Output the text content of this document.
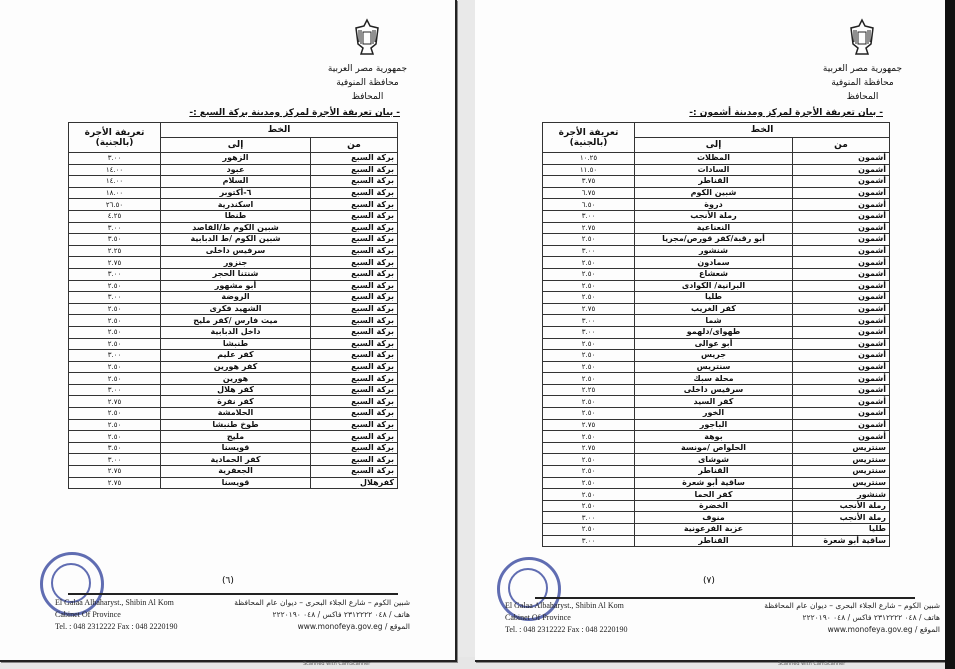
جمهورية مصر العربية
محافظة المنوفية
المحافظ
- بيان تعريفة الأجرة لمركز ومدينة بركة السبع :-
الخط		تعريفة الأجرة (بالجنية)
من	إلى	
بركة السبع	الزهور	٣.٠٠
بركة السبع	عبود	١٤.٠٠
بركة السبع	السلام	١٤.٠٠
بركة السبع	٦-أكتوبر	١٨.٠٠
بركة السبع	اسكندرية	٢٦.٥٠
بركة السبع	طنطا	٤.٢٥
بركة السبع	شبين الكوم ط/القاصد	٣.٠٠
بركة السبع	شبين الكوم /ط الدبابية	٣.٥٠
بركة السبع	سرفيس داخلى	٢.٢٥
بركة السبع	جنزور	٢.٧٥
بركة السبع	شنتنا الحجر	٣.٠٠
بركة السبع	أبو مشهور	٢.٥٠
بركة السبع	الروضة	٣.٠٠
بركة السبع	الشهيد فكرى	٢.٥٠
بركة السبع	ميت فارس /كفر مليح	٢.٥٠
بركة السبع	داخل الدبابية	٢.٥٠
بركة السبع	طنبشا	٢.٥٠
بركة السبع	كفر عليم	٣.٠٠
بركة السبع	كفر هورين	٢.٥٠
بركة السبع	هورين	٢.٥٠
بركة السبع	كفر هلال	٣.٠٠
بركة السبع	كفر نفرة	٢.٧٥
بركة السبع	الحلامشة	٢.٥٠
بركة السبع	طوخ طنبشا	٢.٥٠
بركة السبع	مليج	٢.٥٠
بركة السبع	قويسنا	٣.٥٠
بركة السبع	كفر الحمادية	٣.٠٠
بركة السبع	الجعفرية	٢.٧٥
كفرهلال	قويسنا	٢.٧٥
(٦)
El Galaa Albaharyst., Shibin Al Kom
Cabinet Of Province
Tel. : 048 2312222 Fax : 048 2220190
شبين الكوم – شارع الجلاء البحرى – ديوان عام المحافظة
هاتف / ٠٤٨ ٢٣١٢٢٢٢ فاكس / ٠٤٨ ٢٢٢٠١٩٠
الموقع / www.monofeya.gov.eg
Scanned with CamScanner
جمهورية مصر العربية
محافظة المنوفية
المحافظ
- بيان تعريفة الأجرة لمركز ومدينة أشمون :-
الخط		تعريفة الأجرة (بالجنية)
من	إلى	
أشمون	المظلات	١٠.٢٥
أشمون	السادات	١١.٥٠
أشمون	القناطر	٣.٧٥
أشمون	شبين الكوم	٦.٧٥
أشمون	دروة	٦.٥٠
أشمون	رملة الأنجب	٣.٠٠
أشمون	النعناعية	٢.٧٥
أشمون	أبو رقبة/كفر قورص/مجريا	٢.٥٠
أشمون	شنشور	٣.٠٠
أشمون	سمادون	٢.٥٠
أشمون	شعشاع	٢.٥٠
أشمون	البرانية/ الكوادى	٢.٥٠
أشمون	طليا	٢.٥٠
أشمون	كفر الغريب	٢.٧٥
أشمون	شما	٣.٠٠
أشمون	طهواى/دلهمو	٣.٠٠
أشمون	أبو عوالى	٢.٥٠
أشمون	جريس	٢.٥٠
أشمون	سنتريس	٢.٥٠
أشمون	محلة سبك	٢.٥٠
أشمون	سرفيس داخلى	٢.٢٥
أشمون	كفر السيد	٢.٥٠
أشمون	الخور	٢.٥٠
أشمون	الباجور	٢.٧٥
أشمون	بوهة	٢.٥٠
سنتريس	الحلواص /مونسة	٢.٧٥
سنتريس	شوشاى	٢.٥٠
سنتريس	القناطر	٢.٥٠
سنتريس	ساقية أبو شعرة	٢.٥٠
شنشور	كفر الحما	٢.٥٠
رملة الأنجب	الخضرة	٢.٥٠
رملة الأنجب	منوف	٣.٠٠
طليا	عزبة الفرعونية	٢.٥٠
ساقية أبو شعرة	القناطر	٣.٠٠
(٧)
El Galaa Albaharyst., Shibin Al Kom
Cabinet Of Province
Tel. : 048 2312222 Fax : 048 2220190
شبين الكوم – شارع الجلاء البحرى – ديوان عام المحافظة
هاتف / ٠٤٨ ٢٣١٢٢٢٢ فاكس / ٠٤٨ ٢٢٢٠١٩٠
الموقع / www.monofeya.gov.eg
Scanned with CamScanner
